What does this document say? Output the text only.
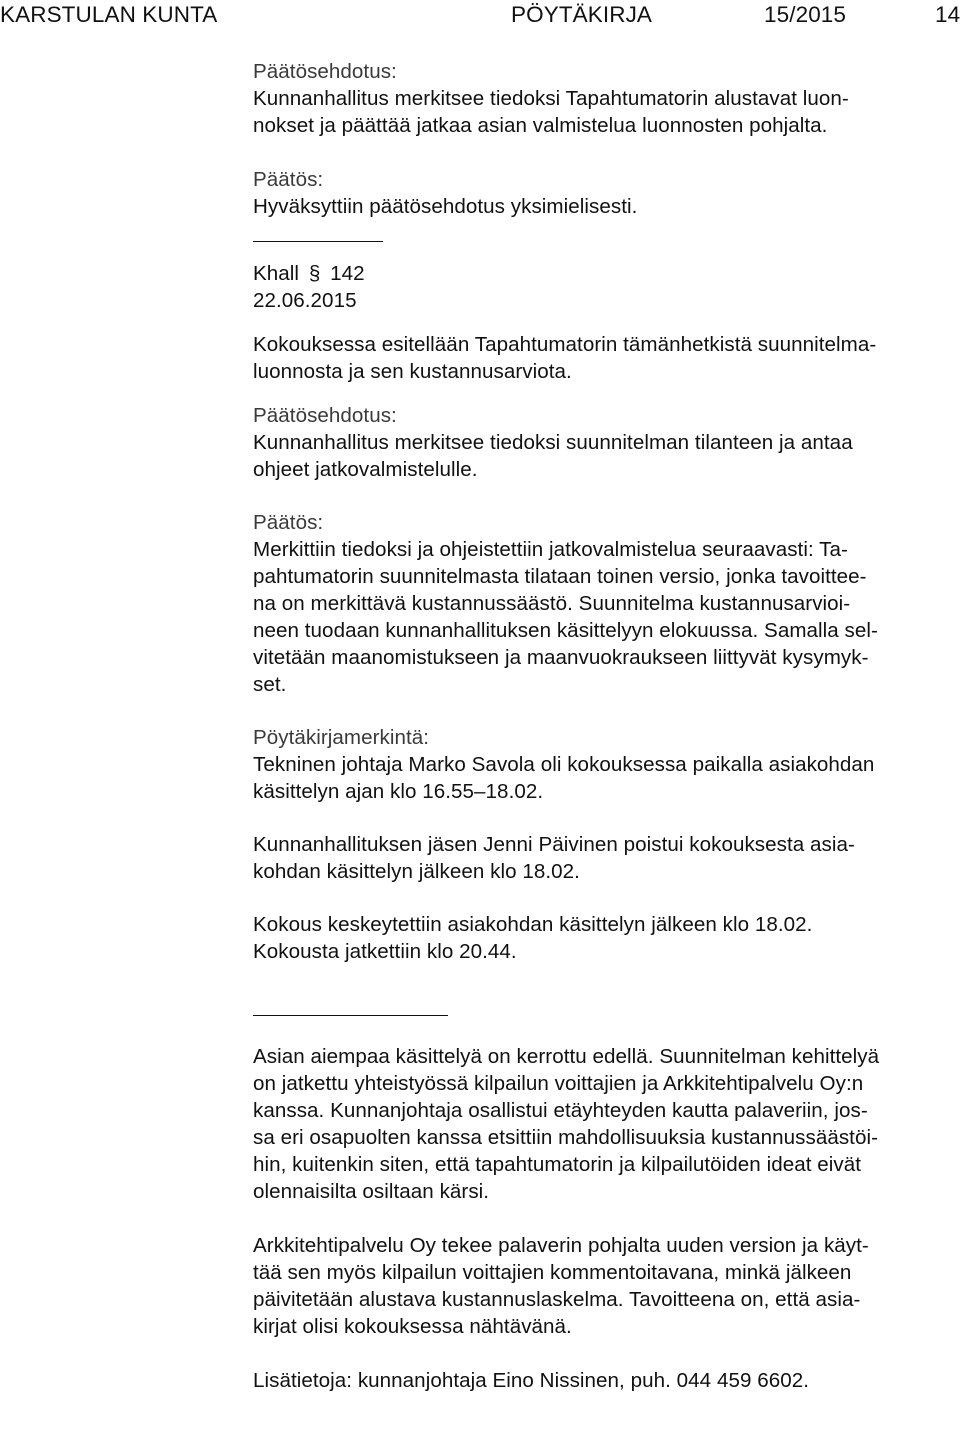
KARSTULAN KUNTA	PÖYTÄKIRJA	15/2015	14
Päätösehdotus:
Kunnanhallitus merkitsee tiedoksi Tapahtumatorin alustavat luon-
nokset ja päättää jatkaa asian valmistelua luonnosten pohjalta.
Päätös:
Hyväksyttiin päätösehdotus yksimielisesti.
Khall § 142
22.06.2015
Kokouksessa esitellään Tapahtumatorin tämänhetkistä suunnitelma-
luonnosta ja sen kustannusarviota.
Päätösehdotus:
Kunnanhallitus merkitsee tiedoksi suunnitelman tilanteen ja antaa
ohjeet jatkovalmistelulle.
Päätös:
Merkittiin tiedoksi ja ohjeistettiin jatkovalmistelua seuraavasti: Ta-
pahtumatorin suunnitelmasta tilataan toinen versio, jonka tavoittee-
na on merkittävä kustannussäästö. Suunnitelma kustannusarvioi-
neen tuodaan kunnanhallituksen käsittelyyn elokuussa. Samalla sel-
vitetään maanomistukseen ja maanvuokraukseen liittyvät kysymyk-
set.
Pöytäkirjamerkintä:
Tekninen johtaja Marko Savola oli kokouksessa paikalla asiakohdan
käsittelyn ajan klo 16.55–18.02.
Kunnanhallituksen jäsen Jenni Päivinen poistui kokouksesta asia-
kohdan käsittelyn jälkeen klo 18.02.
Kokous keskeytettiin asiakohdan käsittelyn jälkeen klo 18.02.
Kokousta jatkettiin klo 20.44.
Asian aiempaa käsittelyä on kerrottu edellä. Suunnitelman kehittelyä
on jatkettu yhteistyössä kilpailun voittajien ja Arkkitehtipalvelu Oy:n
kanssa. Kunnanjohtaja osallistui etäyhteyden kautta palaveriin, jos-
sa eri osapuolten kanssa etsittiin mahdollisuuksia kustannussäästöi-
hin, kuitenkin siten, että tapahtumatorin ja kilpailutöiden ideat eivät
olennaisilta osiltaan kärsi.
Arkkitehtipalvelu Oy tekee palaverin pohjalta uuden version ja käyt-
tää sen myös kilpailun voittajien kommentoitavana, minkä jälkeen
päivitetään alustava kustannuslaskelma. Tavoitteena on, että asia-
kirjat olisi kokouksessa nähtävänä.
Lisätietoja: kunnanjohtaja Eino Nissinen, puh. 044 459 6602.
